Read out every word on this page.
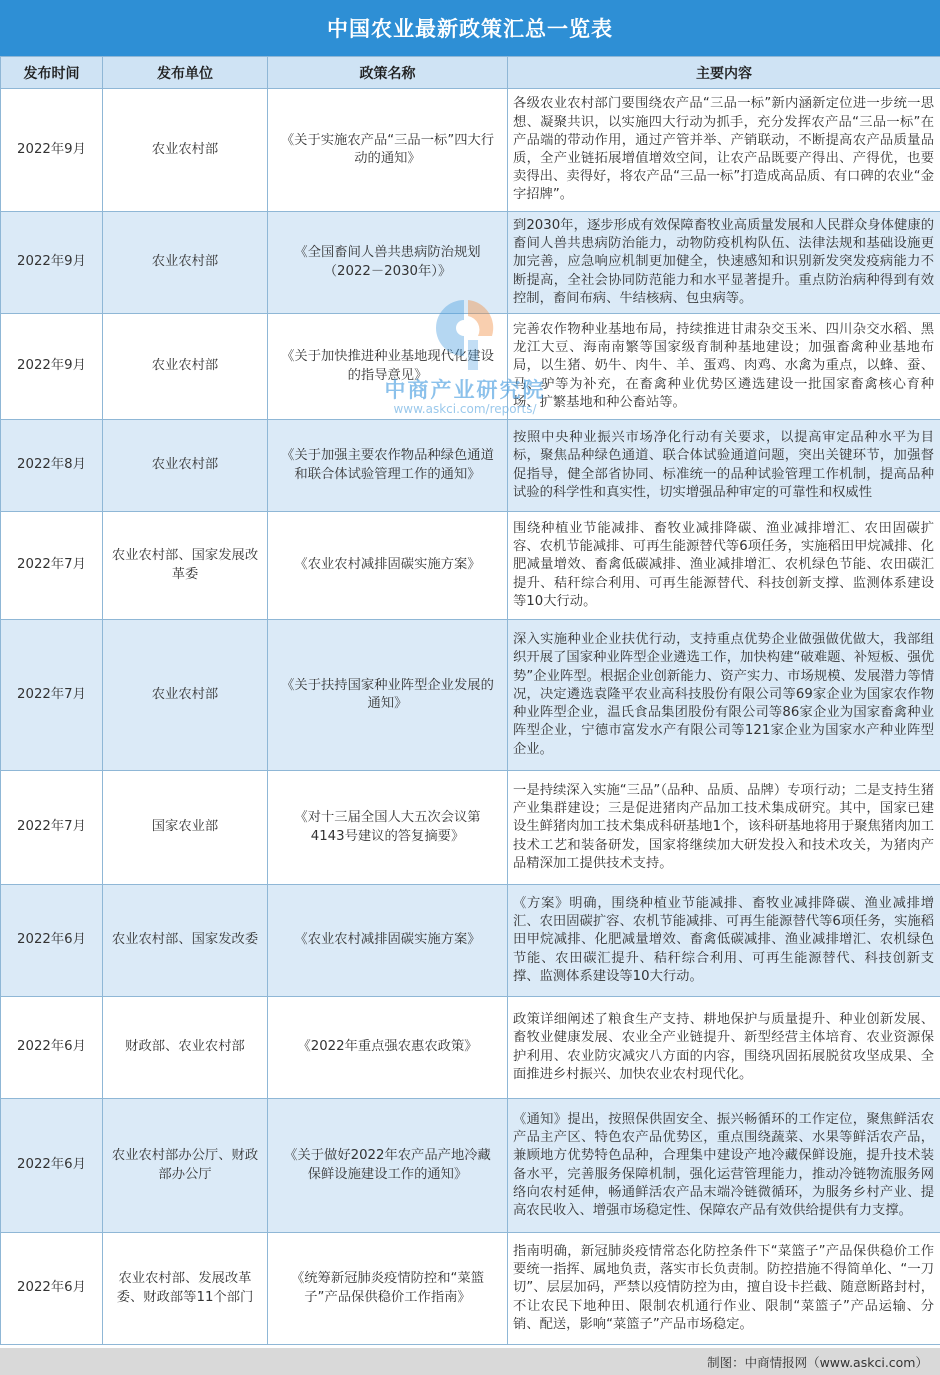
中国农业最新政策汇总一览表
发布时间	发布单位	政策名称	主要内容
2022年9月	农业农村部	《关于实施农产品“三品一标”四大行动的通知》	各级农业农村部门要围绕农产品“三品一标”新内涵新定位进一步统一思想、凝聚共识，以实施四大行动为抓手，充分发挥农产品“三品一标”在产品端的带动作用，通过产管并举、产销联动，不断提高农产品质量品质，全产业链拓展增值增效空间，让农产品既要产得出、产得优，也要卖得出、卖得好，将农产品“三品一标”打造成高品质、有口碑的农业“金字招牌”。
2022年9月	农业农村部	《全国畜间人兽共患病防治规划（2022－2030年）》	到2030年，逐步形成有效保障畜牧业高质量发展和人民群众身体健康的畜间人兽共患病防治能力，动物防疫机构队伍、法律法规和基础设施更加完善，应急响应机制更加健全，快速感知和识别新发突发疫病能力不断提高，全社会协同防范能力和水平显著提升。重点防治病种得到有效控制，畜间布病、牛结核病、包虫病等。
2022年9月	农业农村部	《关于加快推进种业基地现代化建设的指导意见》	完善农作物种业基地布局，持续推进甘肃杂交玉米、四川杂交水稻、黑龙江大豆、海南南繁等国家级育制种基地建设；加强畜禽种业基地布局，以生猪、奶牛、肉牛、羊、蛋鸡、肉鸡、水禽为重点，以蜂、蚕、马、驴等为补充，在畜禽种业优势区遴选建设一批国家畜禽核心育种场、扩繁基地和种公畜站等。
2022年8月	农业农村部	《关于加强主要农作物品种绿色通道和联合体试验管理工作的通知》	按照中央种业振兴市场净化行动有关要求，以提高审定品种水平为目标，聚焦品种绿色通道、联合体试验通道问题，突出关键环节，加强督促指导，健全部省协同、标准统一的品种试验管理工作机制，提高品种试验的科学性和真实性，切实增强品种审定的可靠性和权威性
2022年7月	农业农村部、国家发展改革委	《农业农村减排固碳实施方案》	围绕种植业节能减排、畜牧业减排降碳、渔业减排增汇、农田固碳扩容、农机节能减排、可再生能源替代等6项任务，实施稻田甲烷减排、化肥减量增效、畜禽低碳减排、渔业减排增汇、农机绿色节能、农田碳汇提升、秸秆综合利用、可再生能源替代、科技创新支撑、监测体系建设等10大行动。
2022年7月	农业农村部	《关于扶持国家种业阵型企业发展的通知》	深入实施种业企业扶优行动，支持重点优势企业做强做优做大，我部组织开展了国家种业阵型企业遴选工作，加快构建“破难题、补短板、强优势”企业阵型。根据企业创新能力、资产实力、市场规模、发展潜力等情况，决定遴选袁隆平农业高科技股份有限公司等69家企业为国家农作物种业阵型企业，温氏食品集团股份有限公司等86家企业为国家畜禽种业阵型企业，宁德市富发水产有限公司等121家企业为国家水产种业阵型企业。
2022年7月	国家农业部	《对十三届全国人大五次会议第4143号建议的答复摘要》	一是持续深入实施“三品”（品种、品质、品牌）专项行动；二是支持生猪产业集群建设；三是促进猪肉产品加工技术集成研究。其中，国家已建设生鲜猪肉加工技术集成科研基地1个，该科研基地将用于聚焦猪肉加工技术工艺和装备研发，国家将继续加大研发投入和技术攻关，为猪肉产品精深加工提供技术支持。
2022年6月	农业农村部、国家发改委	《农业农村减排固碳实施方案》	《方案》明确，围绕种植业节能减排、畜牧业减排降碳、渔业减排增汇、农田固碳扩容、农机节能减排、可再生能源替代等6项任务，实施稻田甲烷减排、化肥减量增效、畜禽低碳减排、渔业减排增汇、农机绿色节能、农田碳汇提升、秸秆综合利用、可再生能源替代、科技创新支撑、监测体系建设等10大行动。
2022年6月	财政部、农业农村部	《2022年重点强农惠农政策》	政策详细阐述了粮食生产支持、耕地保护与质量提升、种业创新发展、畜牧业健康发展、农业全产业链提升、新型经营主体培育、农业资源保护利用、农业防灾减灾八方面的内容，围绕巩固拓展脱贫攻坚成果、全面推进乡村振兴、加快农业农村现代化。
2022年6月	农业农村部办公厅、财政部办公厅	《关于做好2022年农产品产地冷藏保鲜设施建设工作的通知》	《通知》提出，按照保供固安全、振兴畅循环的工作定位，聚焦鲜活农产品主产区、特色农产品优势区，重点围绕蔬菜、水果等鲜活农产品，兼顾地方优势特色品种，合理集中建设产地冷藏保鲜设施，提升技术装备水平，完善服务保障机制，强化运营管理能力，推动冷链物流服务网络向农村延伸，畅通鲜活农产品末端冷链微循环，为服务乡村产业、提高农民收入、增强市场稳定性、保障农产品有效供给提供有力支撑。
2022年6月	农业农村部、发展改革委、财政部等11个部门	《统筹新冠肺炎疫情防控和“菜篮子”产品保供稳价工作指南》	指南明确，新冠肺炎疫情常态化防控条件下“菜篮子”产品保供稳价工作要统一指挥、属地负责，落实市长负责制。防控措施不得简单化、“一刀切”、层层加码，严禁以疫情防控为由，擅自设卡拦截、随意断路封村，不让农民下地种田、限制农机通行作业、限制“菜篮子”产品运输、分销、配送，影响“菜篮子”产品市场稳定。
中商产业研究院
www.askci.com/reports/
制图：中商情报网（www.askci.com）
